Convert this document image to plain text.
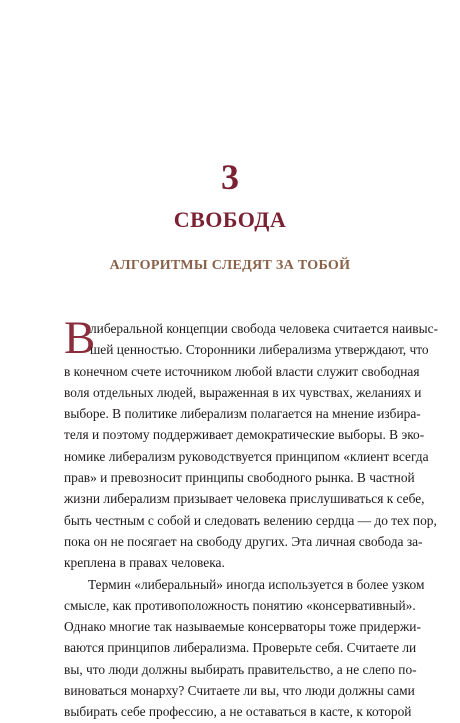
3
СВОБОДА
АЛГОРИТМЫ СЛЕДЯТ ЗА ТОБОЙ
В
либеральной концепции свобода человека считается наивыс-
шей ценностью. Сторонники либерализма утверждают, что
в конечном счете источником любой власти служит свободная
воля отдельных людей, выраженная в их чувствах, желаниях и
выборе. В политике либерализм полагается на мнение избира-
теля и поэтому поддерживает демократические выборы. В эко-
номике либерализм руководствуется принципом «клиент всегда
прав» и превозносит принципы свободного рынка. В частной
жизни либерализм призывает человека прислушиваться к себе,
быть честным с собой и следовать велению сердца — до тех пор,
пока он не посягает на свободу других. Эта личная свобода за-
креплена в правах человека.
Термин «либеральный» иногда используется в более узком
смысле, как противоположность понятию «консервативный».
Однако многие так называемые консерваторы тоже придержи-
ваются принципов либерализма. Проверьте себя. Считаете ли
вы, что люди должны выбирать правительство, а не слепо по-
виноваться монарху? Считаете ли вы, что люди должны сами
выбирать себе профессию, а не оставаться в касте, к которой
